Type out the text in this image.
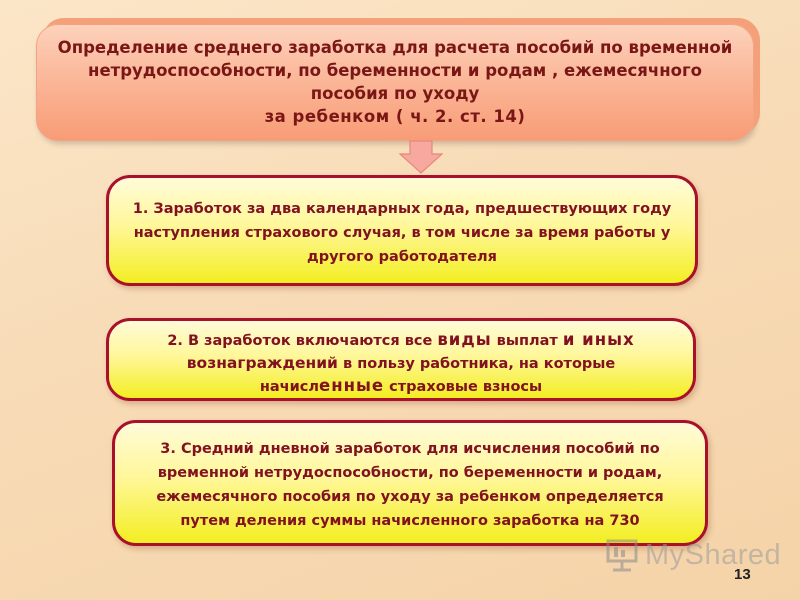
Определение среднего заработка для расчета пособий по временной
нетрудоспособности, по беременности и родам , ежемесячного
пособия по уходу
за ребенком ( ч. 2. ст. 14)
1. Заработок за два календарных года, предшествующих году
наступления страхового случая, в том числе за время работы у
другого работодателя
2. В заработок включаются все виды выплат и иных
вознаграждений в пользу работника, на которые
начисленные страховые взносы
3. Средний дневной заработок для исчисления пособий по
временной нетрудоспособности, по беременности и родам,
ежемесячного пособия по уходу за ребенком определяется
путем деления суммы начисленного заработка на 730
MyShared
13
